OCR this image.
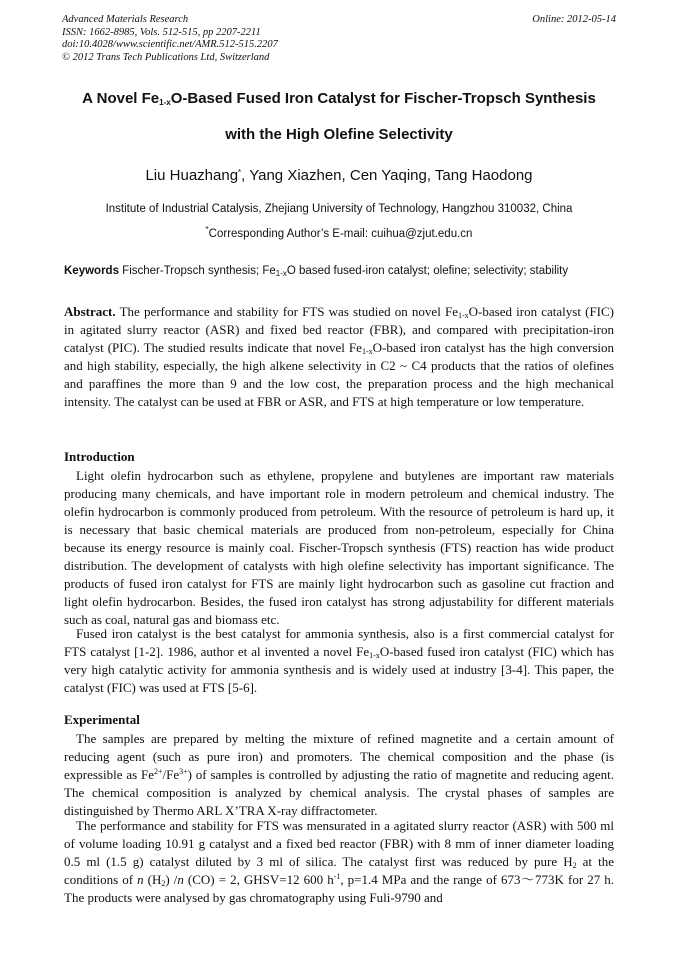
Advanced Materials Research
ISSN: 1662-8985, Vols. 512-515, pp 2207-2211
doi:10.4028/www.scientific.net/AMR.512-515.2207
© 2012 Trans Tech Publications Ltd, Switzerland
Online: 2012-05-14
A Novel $Fe_{1-x}O$-Based Fused Iron Catalyst for Fischer-Tropsch Synthesis
with the High Olefine Selectivity
Liu Huazhang*, Yang Xiazhen, Cen Yaqing, Tang Haodong
Institute of Industrial Catalysis, Zhejiang University of Technology, Hangzhou 310032, China
*Corresponding Author’s E-mail: cuihua@zjut.edu.cn
Keywords Fischer-Tropsch synthesis; $Fe_{1-x}O$ based fused-iron catalyst; olefine; selectivity; stability

Abstract. The performance and stability for FTS was studied on novel $Fe_{1-x}O$-based iron catalyst (FIC) in agitated slurry reactor (ASR) and fixed bed reactor (FBR), and compared with precipitation-iron catalyst (PIC). The studied results indicate that novel $Fe_{1-x}O$-based iron catalyst has the high conversion and high stability, especially, the high alkene selectivity in C2 ~ C4 products that the ratios of olefines and paraffines the more than 9 and the low cost, the preparation process and the high mechanical intensity. The catalyst can be used at FBR or ASR, and FTS at high temperature or low temperature.

Introduction

Light olefin hydrocarbon such as ethylene, propylene and butylenes are important raw materials producing many chemicals, and have important role in modern petroleum and chemical industry. The olefin hydrocarbon is commonly produced from petroleum. With the resource of petroleum is hard up, it is necessary that basic chemical materials are produced from non-petroleum, especially for China because its energy resource is mainly coal. Fischer-Tropsch synthesis (FTS) reaction has wide product distribution. The development of catalysts with high olefine selectivity has important significance. The products of fused iron catalyst for FTS are mainly light hydrocarbon such as gasoline cut fraction and light olefin hydrocarbon. Besides, the fused iron catalyst has strong adjustability for different materials such as coal, natural gas and biomass etc.

Fused iron catalyst is the best catalyst for ammonia synthesis, also is a first commercial catalyst for FTS catalyst [1-2]. 1986, author et al invented a novel $Fe_{1-x}O$-based fused iron catalyst (FIC) which has very high catalytic activity for ammonia synthesis and is widely used at industry [3-4]. This paper, the catalyst (FIC) was used at FTS [5-6].

Experimental

The samples are prepared by melting the mixture of refined magnetite and a certain amount of reducing agent (such as pure iron) and promoters. The chemical composition and the phase (is expressible as $Fe^{2+}/Fe^{3+}$) of samples is controlled by adjusting the ratio of magnetite and reducing agent. The chemical composition is analyzed by chemical analysis. The crystal phases of samples are distinguished by Thermo ARL X’TRA X-ray diffractometer.

The performance and stability for FTS was mensurated in a agitated slurry reactor (ASR) with 500 ml of volume loading 10.91 g catalyst and a fixed bed reactor (FBR) with 8 mm of inner diameter loading 0.5 ml (1.5 g) catalyst diluted by 3 ml of silica. The catalyst first was reduced by pure $H_2$ at the conditions of n $(H_2)$ /n (CO) = 2, GHSV=12 600 $h^{-1}$, p=1.4 MPa and the range of 673～773K for 27 h. The products were analysed by gas chromatography using Fuli-9790 and
